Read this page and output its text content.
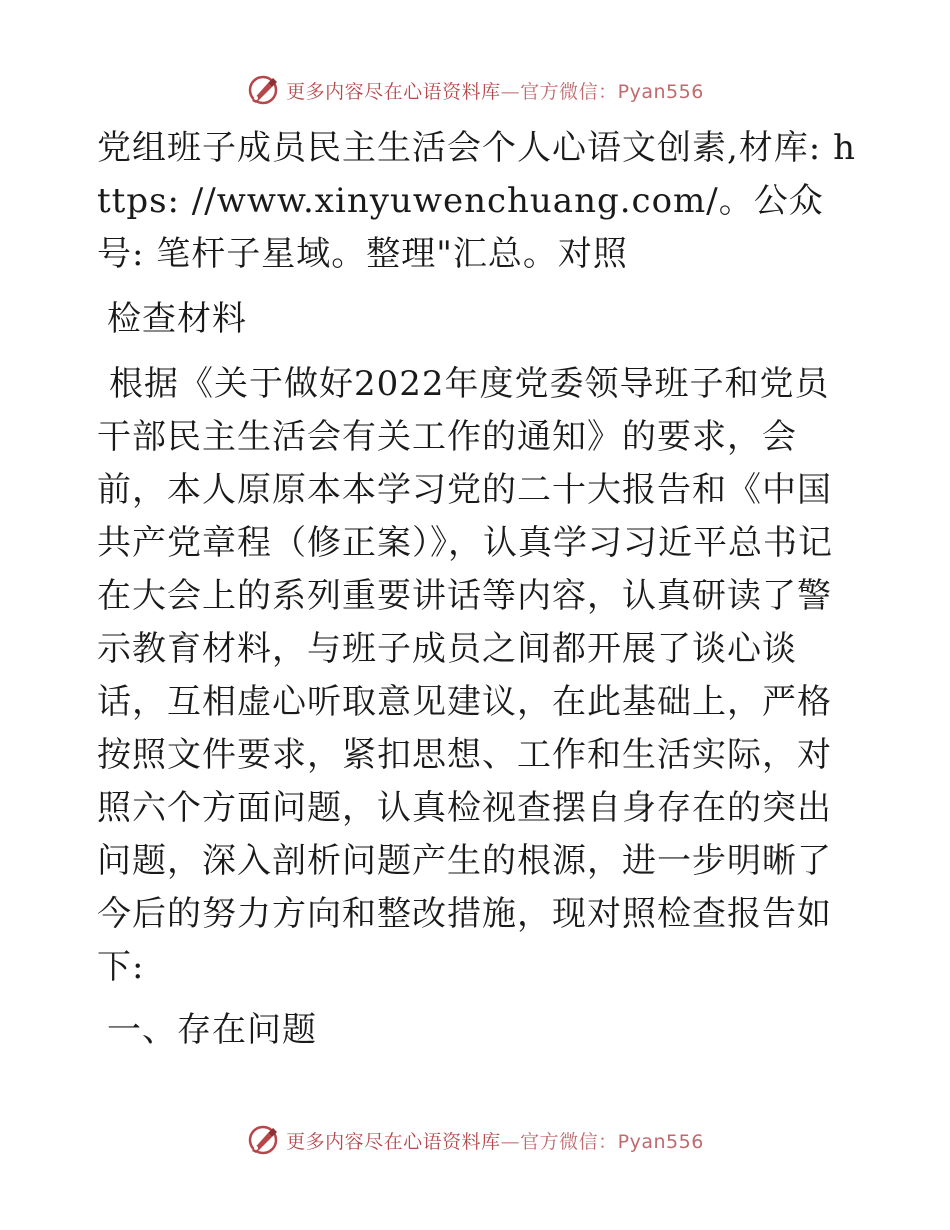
更多内容尽在心语资料库—官方微信：Pyan556

党组班子成员民主生活会个人心语文创素,材库: https: //www.xinyuwenchuang.com/。公众号: 笔杆子星域。整理"汇总。对照

检查材料

根据《关于做好2022年度党委领导班子和党员干部民主生活会有关工作的通知》的要求，会前，本人原原本本学习党的二十大报告和《中国共产党章程（修正案）》，认真学习习近平总书记在大会上的系列重要讲话等内容，认真研读了警示教育材料，与班子成员之间都开展了谈心谈话，互相虚心听取意见建议，在此基础上，严格按照文件要求，紧扣思想、工作和生活实际，对照六个方面问题，认真检视查摆自身存在的突出问题，深入剖析问题产生的根源，进一步明晰了今后的努力方向和整改措施，现对照检查报告如下:

一、存在问题

更多内容尽在心语资料库—官方微信：Pyan556
